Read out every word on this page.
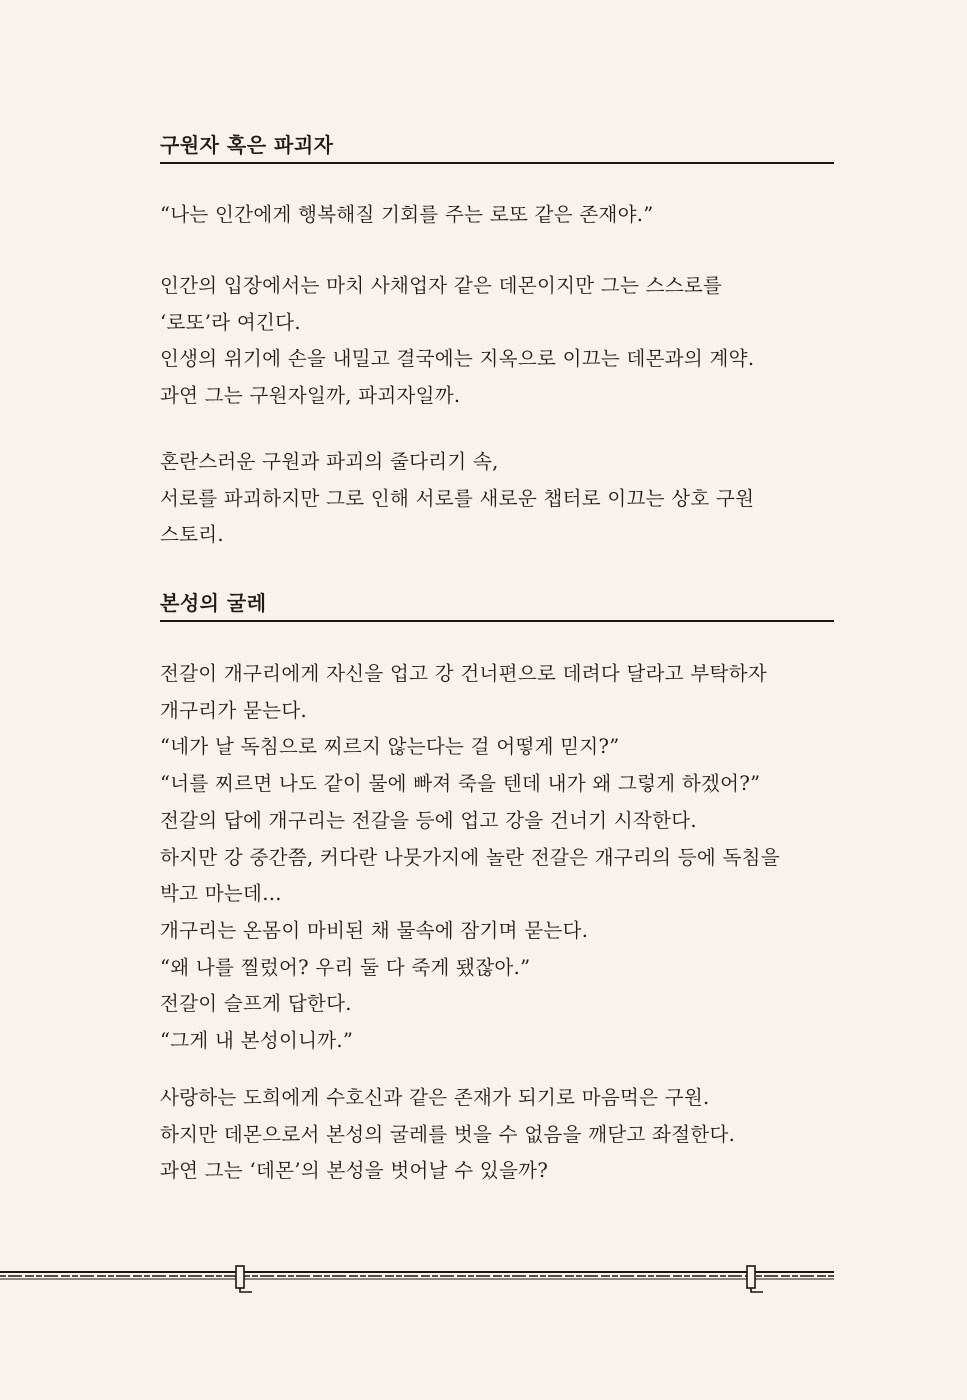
구원자 혹은 파괴자

“나는 인간에게 행복해질 기회를 주는 로또 같은 존재야.”

인간의 입장에서는 마치 사채업자 같은 데몬이지만 그는 스스로를
‘로또’라 여긴다.
인생의 위기에 손을 내밀고 결국에는 지옥으로 이끄는 데몬과의 계약.
과연 그는 구원자일까, 파괴자일까.

혼란스러운 구원과 파괴의 줄다리기 속,
서로를 파괴하지만 그로 인해 서로를 새로운 챕터로 이끄는 상호 구원
스토리.

본성의 굴레

전갈이 개구리에게 자신을 업고 강 건너편으로 데려다 달라고 부탁하자
개구리가 묻는다.
“네가 날 독침으로 찌르지 않는다는 걸 어떻게 믿지?”
“너를 찌르면 나도 같이 물에 빠져 죽을 텐데 내가 왜 그렇게 하겠어?”
전갈의 답에 개구리는 전갈을 등에 업고 강을 건너기 시작한다.
하지만 강 중간쯤, 커다란 나뭇가지에 놀란 전갈은 개구리의 등에 독침을
박고 마는데…
개구리는 온몸이 마비된 채 물속에 잠기며 묻는다.
“왜 나를 찔렀어? 우리 둘 다 죽게 됐잖아.”
전갈이 슬프게 답한다.
“그게 내 본성이니까.”

사랑하는 도희에게 수호신과 같은 존재가 되기로 마음먹은 구원.
하지만 데몬으로서 본성의 굴레를 벗을 수 없음을 깨닫고 좌절한다.
과연 그는 ‘데몬’의 본성을 벗어날 수 있을까?
